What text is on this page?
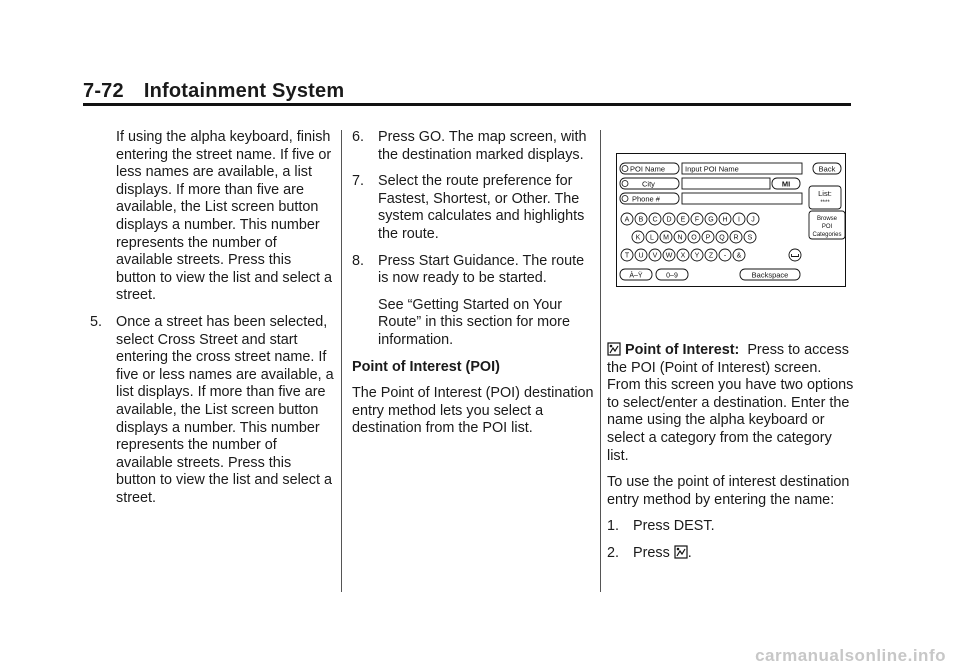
7-72 Infotainment System

If using the alpha keyboard, finish entering the street name. If five or less names are available, a list displays. If more than five are available, the List screen button displays a number. This number represents the number of available streets. Press this button to view the list and select a street.

5. Once a street has been selected, select Cross Street and start entering the cross street name. If five or less names are available, a list displays. If more than five are available, the List screen button displays a number. This number represents the number of available streets. Press this button to view the list and select a street.

6. Press GO. The map screen, with the destination marked displays.

7. Select the route preference for Fastest, Shortest, or Other. The system calculates and highlights the route.

8. Press Start Guidance. The route is now ready to be started.

See “Getting Started on Your Route” in this section for more information.

Point of Interest (POI)

The Point of Interest (POI) destination entry method lets you select a destination from the POI list.

POI Name	Input POI Name	Back
City	MI
Phone #
List:
****
Browse
POI
Categories
A B C D E F G H I J
K L M N O P Q R S
T U V W X Y Z - &
À–Ÿ	0–9	Backspace

Point of Interest: Press to access the POI (Point of Interest) screen. From this screen you have two options to select/enter a destination. Enter the name using the alpha keyboard or select a category from the category list.

To use the point of interest destination entry method by entering the name:

1. Press DEST.

2. Press .

carmanualsonline.info
